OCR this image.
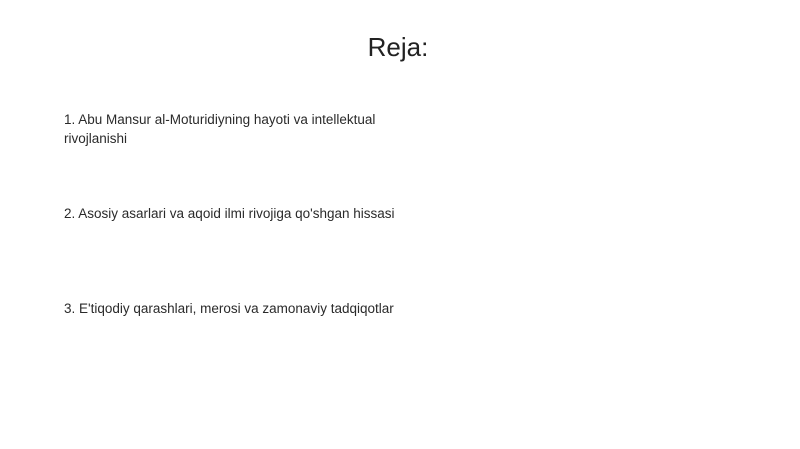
Reja:
1. Abu Mansur al-Moturidiyning hayoti va intellektual rivojlanishi
2. Asosiy asarlari va aqoid ilmi rivojiga qo'shgan hissasi
3. E'tiqodiy qarashlari, merosi va zamonaviy tadqiqotlar
